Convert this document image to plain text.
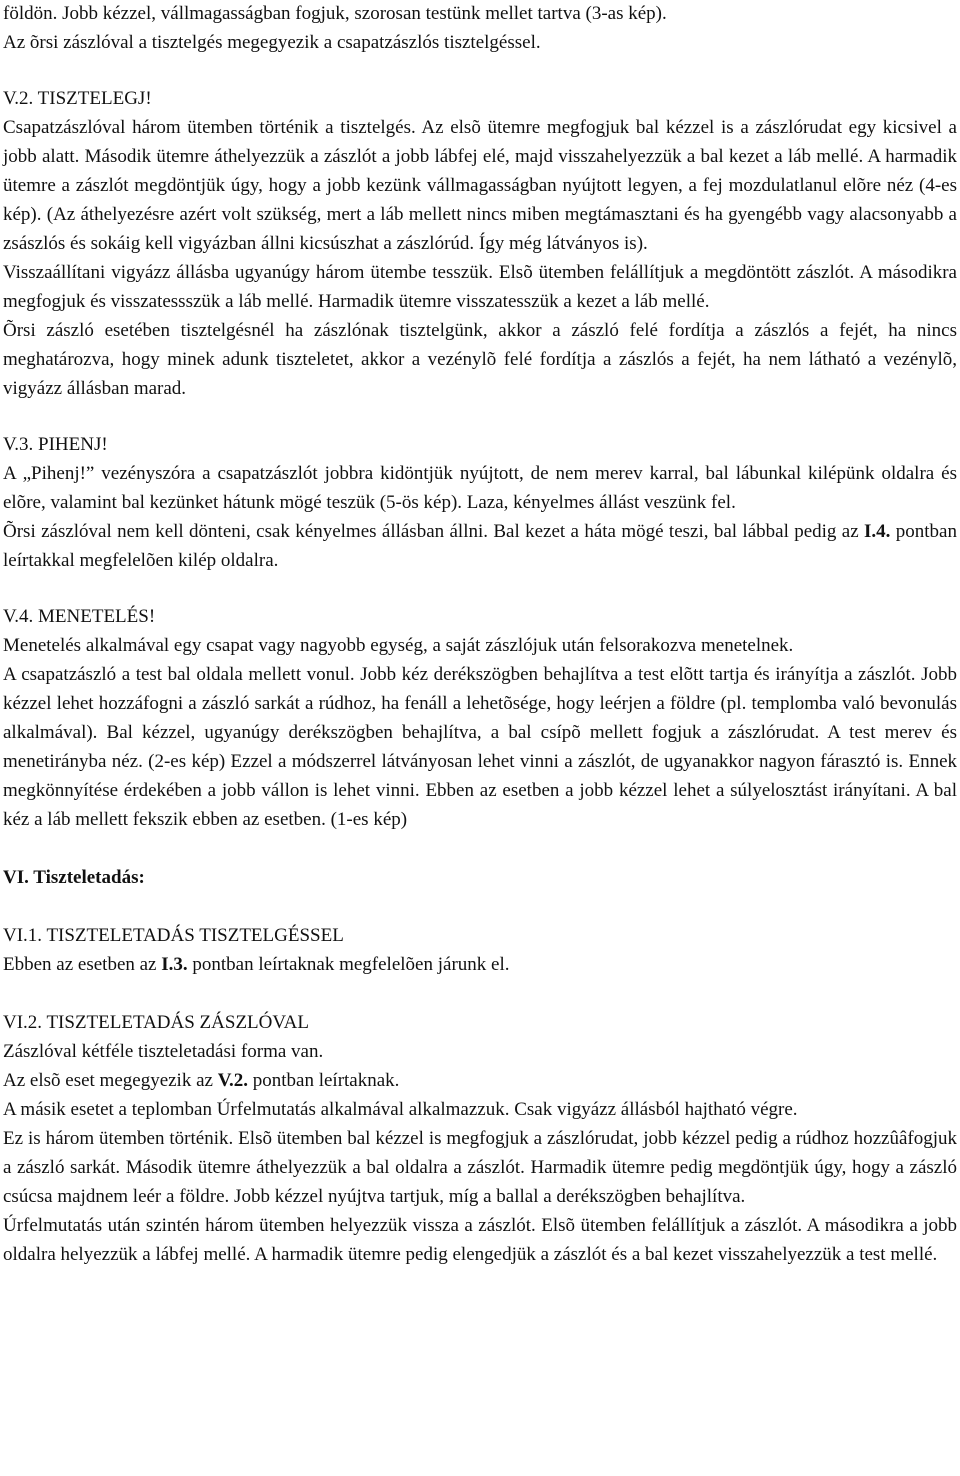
földön. Jobb kézzel, vállmagasságban fogjuk, szorosan testünk mellet tartva (3-as kép).

Az õrsi zászlóval a tisztelgés megegyezik a csapatzászlós tisztelgéssel.

V.2. TISZTELEGJ!

Csapatzászlóval három ütemben történik a tisztelgés. Az elsõ ütemre megfogjuk bal kézzel is a zászlórudat egy kicsivel a jobb alatt. Második ütemre áthelyezzük a zászlót a jobb lábfej elé, majd visszahelyezzük a bal kezet a láb mellé. A harmadik ütemre a zászlót megdöntjük úgy, hogy a jobb kezünk vállmagasságban nyújtott legyen, a fej mozdulatlanul elõre néz (4-es kép). (Az áthelyezésre azért volt szükség, mert a láb mellett nincs miben megtámasztani és ha gyengébb vagy alacsonyabb a zsászlós és sokáig kell vigyázban állni kicsúszhat a zászlórúd. Így még látványos is).

Visszaállítani vigyázz állásba ugyanúgy három ütembe tesszük. Elsõ ütemben felállítjuk a megdöntött zászlót. A másodikra megfogjuk és visszatessszük a láb mellé. Harmadik ütemre visszatesszük a kezet a láb mellé.

Õrsi zászló esetében tisztelgésnél ha zászlónak tisztelgünk, akkor a zászló felé fordítja a zászlós a fejét, ha nincs meghatározva, hogy minek adunk tiszteletet, akkor a vezénylõ felé fordítja a zászlós a fejét, ha nem látható a vezénylõ, vigyázz állásban marad.

V.3. PIHENJ!

A „Pihenj!” vezényszóra a csapatzászlót jobbra kidöntjük nyújtott, de nem merev karral, bal lábunkal kilépünk oldalra és elõre, valamint bal kezünket hátunk mögé teszük (5-ös kép). Laza, kényelmes állást veszünk fel.

Õrsi zászlóval nem kell dönteni, csak kényelmes állásban állni. Bal kezet a háta mögé teszi, bal lábbal pedig az I.4. pontban leírtakkal megfelelõen kilép oldalra.

V.4. MENETELÉS!

Menetelés alkalmával egy csapat vagy nagyobb egység, a saját zászlójuk után felsorakozva menetelnek.

A csapatzászló a test bal oldala mellett vonul. Jobb kéz derékszögben behajlítva a test elõtt tartja és irányítja a zászlót. Jobb kézzel lehet hozzáfogni a zászló sarkát a rúdhoz, ha fenáll a lehetõsége, hogy leérjen a földre (pl. templomba való bevonulás alkalmával). Bal kézzel, ugyanúgy derékszögben behajlítva, a bal csípõ mellett fogjuk a zászlórudat. A test merev és menetirányba néz. (2-es kép) Ezzel a módszerrel látványosan lehet vinni a zászlót, de ugyanakkor nagyon fárasztó is. Ennek megkönnyítése érdekében a jobb vállon is lehet vinni. Ebben az esetben a jobb kézzel lehet a súlyelosztást irányítani. A bal kéz a láb mellett fekszik ebben az esetben. (1-es kép)

VI. Tiszteletadás:
VI.1. TISZTELETADÁS TISZTELGÉSSEL

Ebben az esetben az I.3. pontban leírtaknak megfelelõen járunk el.

VI.2. TISZTELETADÁS ZÁSZLÓVAL

Zászlóval kétféle tiszteletadási forma van.

Az elsõ eset megegyezik az V.2. pontban leírtaknak.

A másik esetet a teplomban Úrfelmutatás alkalmával alkalmazzuk. Csak vigyázz állásból hajtható végre.

Ez is három ütemben történik. Elsõ ütemben bal kézzel is megfogjuk a zászlórudat, jobb kézzel pedig a rúdhoz hozzûâfogjuk a zászló sarkát. Második ütemre áthelyezzük a bal oldalra a zászlót. Harmadik ütemre pedig megdöntjük úgy, hogy a zászló csúcsa majdnem leér a földre. Jobb kézzel nyújtva tartjuk, míg a ballal a derékszögben behajlítva.

Úrfelmutatás után szintén három ütemben helyezzük vissza a zászlót. Elsõ ütemben felállítjuk a zászlót. A másodikra a jobb oldalra helyezzük a lábfej mellé. A harmadik ütemre pedig elengedjük a zászlót és a bal kezet visszahelyezzük a test mellé.
